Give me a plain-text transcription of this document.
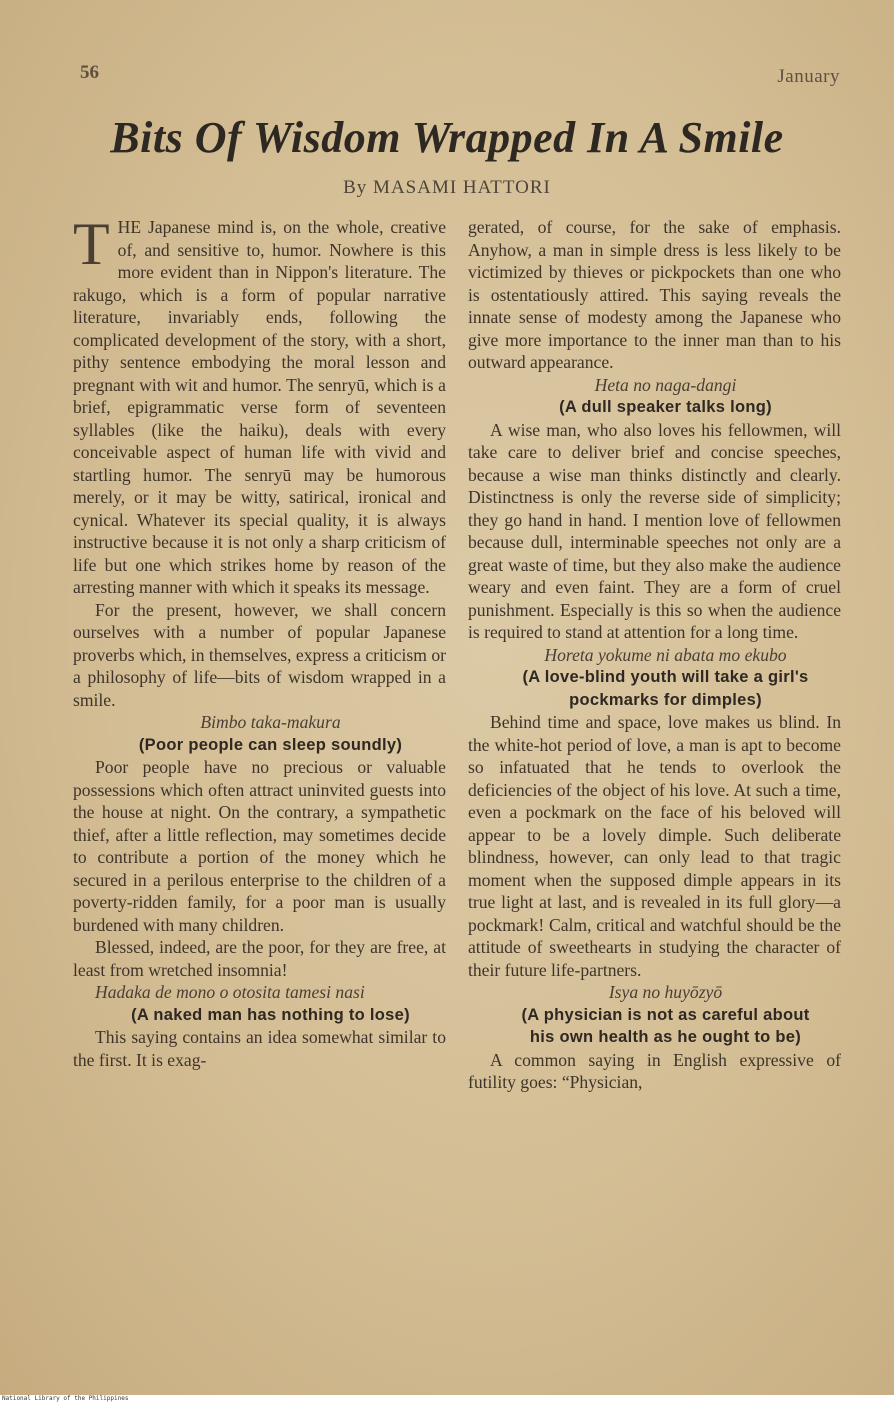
56	January
Bits Of Wisdom Wrapped In A Smile
By MASAMI HATTORI

THE Japanese mind is, on the whole, creative of, and sensitive to, humor. Nowhere is this more evident than in Nippon's literature. The rakugo, which is a form of popular narrative literature, invariably ends, following the complicated development of the story, with a short, pithy sentence embodying the moral lesson and pregnant with wit and humor. The senryū, which is a brief, epigrammatic verse form of seventeen syllables (like the haiku), deals with every conceivable aspect of human life with vivid and startling humor. The senryū may be humorous merely, or it may be witty, satirical, ironical and cynical. Whatever its special quality, it is always instructive because it is not only a sharp criticism of life but one which strikes home by reason of the arresting manner with which it speaks its message.

For the present, however, we shall concern ourselves with a number of popular Japanese proverbs which, in themselves, express a criticism or a philosophy of life—bits of wisdom wrapped in a smile.

Bimbo taka-makura

(Poor people can sleep soundly)

Poor people have no precious or valuable possessions which often attract uninvited guests into the house at night. On the contrary, a sympathetic thief, after a little reflection, may sometimes decide to contribute a portion of the money which he secured in a perilous enterprise to the children of a poverty-ridden family, for a poor man is usually burdened with many children.

Blessed, indeed, are the poor, for they are free, at least from wretched insomnia!

Hadaka de mono o otosita tamesi nasi

(A naked man has nothing to lose)

This saying contains an idea somewhat similar to the first. It is exag-

gerated, of course, for the sake of emphasis. Anyhow, a man in simple dress is less likely to be victimized by thieves or pickpockets than one who is ostentatiously attired. This saying reveals the innate sense of modesty among the Japanese who give more importance to the inner man than to his outward appearance.

Heta no naga-dangi

(A dull speaker talks long)

A wise man, who also loves his fellowmen, will take care to deliver brief and concise speeches, because a wise man thinks distinctly and clearly. Distinctness is only the reverse side of simplicity; they go hand in hand. I mention love of fellowmen because dull, interminable speeches not only are a great waste of time, but they also make the audience weary and even faint. They are a form of cruel punishment. Especially is this so when the audience is required to stand at attention for a long time.

Horeta yokume ni abata mo ekubo

(A love-blind youth will take a girl's

pockmarks for dimples)

Behind time and space, love makes us blind. In the white-hot period of love, a man is apt to become so infatuated that he tends to overlook the deficiencies of the object of his love. At such a time, even a pockmark on the face of his beloved will appear to be a lovely dimple. Such deliberate blindness, however, can only lead to that tragic moment when the supposed dimple appears in its true light at last, and is revealed in its full glory—a pockmark! Calm, critical and watchful should be the attitude of sweethearts in studying the character of their future life-partners.

Isya no huyōzyō

(A physician is not as careful about

his own health as he ought to be)

A common saying in English expressive of futility goes: “Physician,

National Library of the Philippines
